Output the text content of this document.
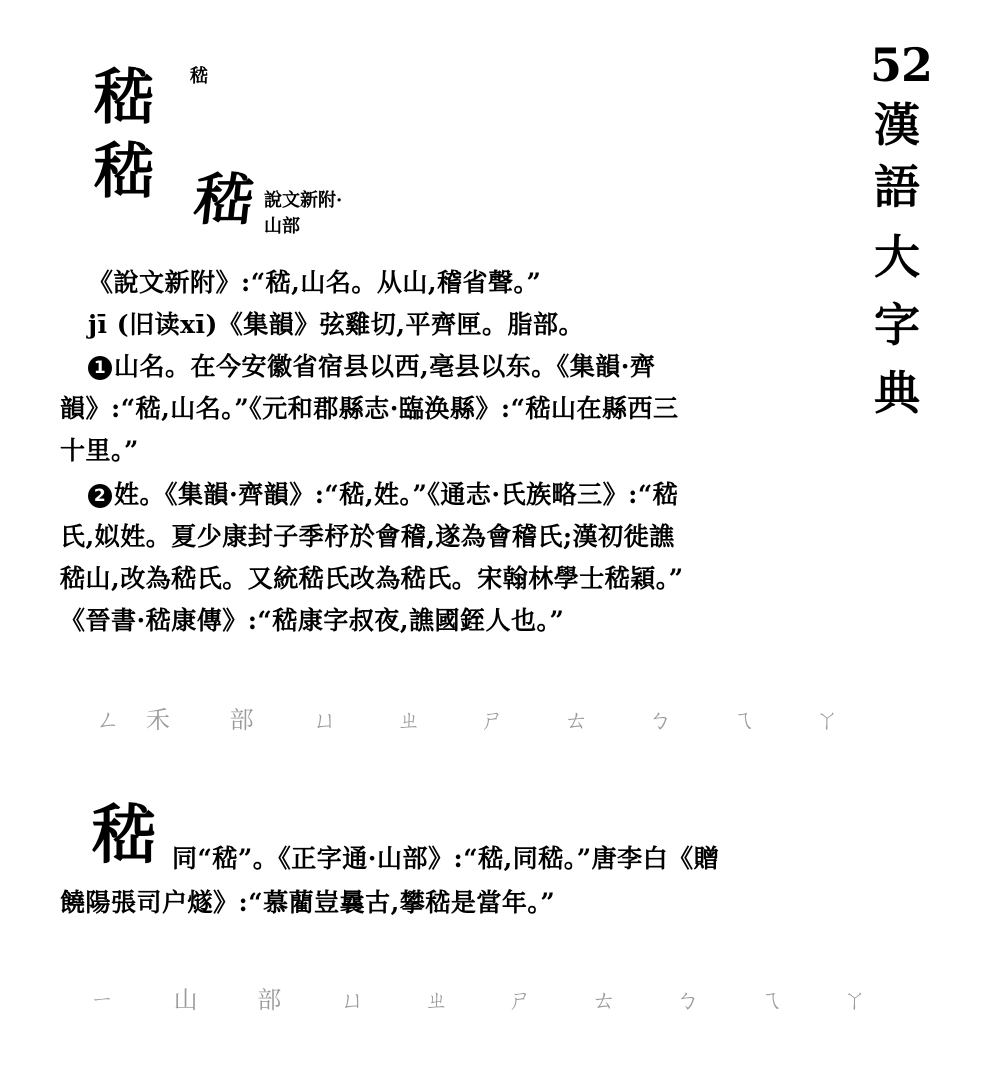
52
漢
語
大
字
典
嵇
嵇
嵇
嵇 說文新附·
山部
《說文新附》:“嵇,山名。从山,稽省聲。”
jī (旧读xī)《集韻》弦雞切,平齊匣。脂部。
1 山名。在今安徽省宿县以西,亳县以东。《集韻·齊
韻》:“嵇,山名。”《元和郡縣志·臨涣縣》:“嵇山在縣西三
十里。”
2 姓。《集韻·齊韻》:“嵇,姓。”《通志·氏族略三》:“嵇
氏,姒姓。夏少康封子季杼於會稽,遂為會稽氏;漢初徙譙
嵇山,改為嵇氏。又統嵇氏改為嵇氏。宋翰林學士嵇穎。”
《晉書·嵇康傳》:“嵇康字叔夜,譙國銍人也。”
ㄥ禾 部 ㄩ ㄓ ㄕ ㄊ ㄅ ㄟ ㄚ
嵇 同“嵇”。《正字通·山部》:“嵇,同嵇。”唐李白《贈
饒陽張司户燧》:“慕藺豈曩古,攀嵇是當年。”
ㄧ 山 部 ㄩ ㄓ ㄕ ㄊ ㄅ ㄟ ㄚ
